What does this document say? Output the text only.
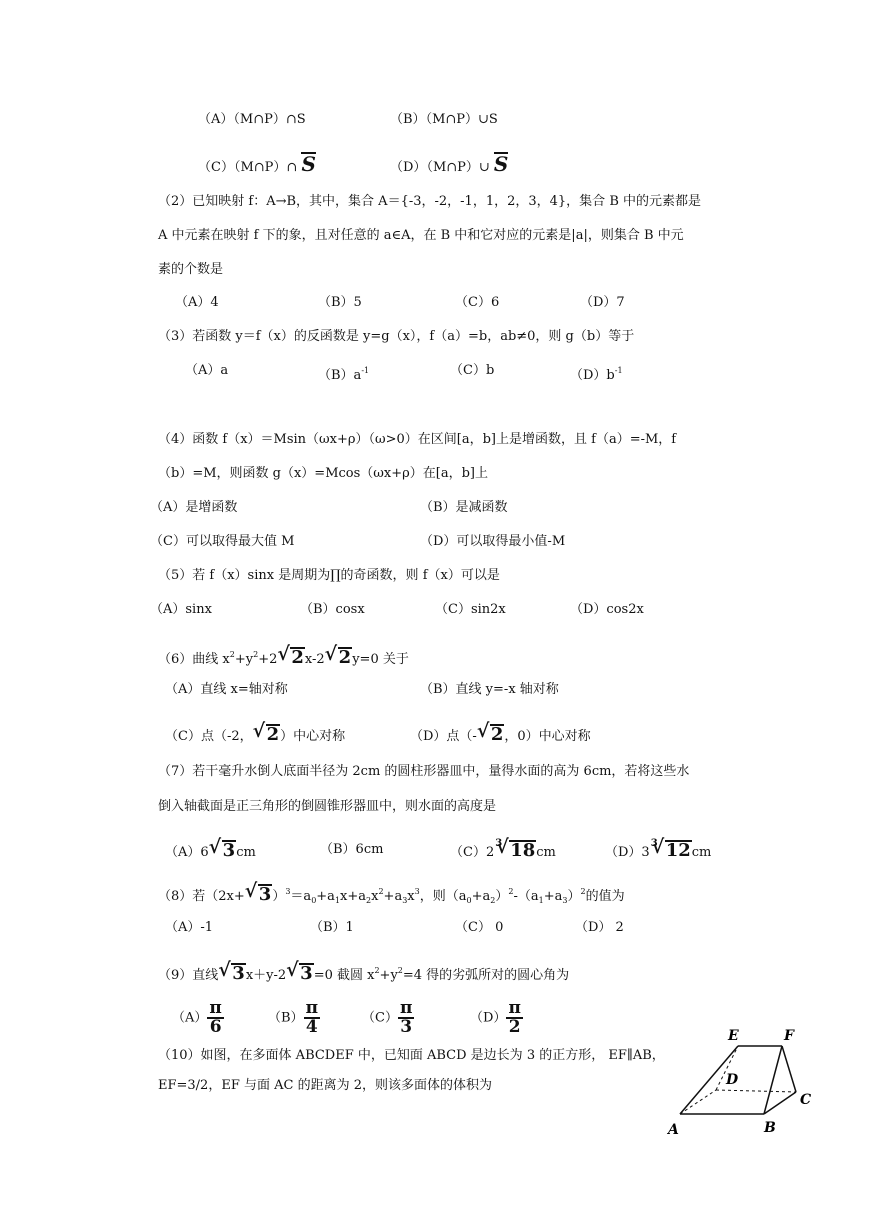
（A）（M∩P）∩S	（B）（M∩P）∪S
（C）（M∩P）∩ S	（D）（M∩P）∪ S
（2）已知映射 f：A→B，其中，集合 A＝{-3，-2，-1，1，2，3，4}，集合 B 中的元素都是
A 中元素在映射 f 下的象，且对任意的 a∈A，在 B 中和它对应的元素是|a|，则集合 B 中元
素的个数是
（A）4	（B）5	（C）6	（D）7
（3）若函数 y＝f（x）的反函数是 y=g（x），f（a）=b，ab≠0，则 g（b）等于
（A）a	$(B)a^{-1}$	（C）b	$(D)b^{-1}$
（4）函数 f（x）＝Msin（ωx+ρ）（ω>0）在区间[a，b]上是增函数，且 f（a）=-M，f
（b）=M，则函数 g（x）=Mcos（ωx+ρ）在[a，b]上
（A）是增函数	（B）是减函数
（C）可以取得最大值 M	（D）可以取得最小值-M
（5）若 f（x）sinx 是周期为∏的奇函数，则 f（x）可以是
（A）sinx	（B）cosx	（C）sin2x	（D）cos2x
（6）曲线 $x^2+y^2+2√$ 2x-2√ 2y=0 关于
（A）直线 x=轴对称	（B）直线 y=-x 轴对称
（C）点（-2，√ 2）中心对称	（D）点（-√ 2，0）中心对称
（7）若干毫升水倒人底面半径为 2cm 的圆柱形器皿中，量得水面的高为 6cm，若将这些水
倒入轴截面是正三角形的倒圆锥形器皿中，则水面的高度是
（A）6√ 3cm	（B）6cm	（C）2
√ 3 18cm	（D）3
√ 3 12cm
（8）若（2x+√ $3)^3=a_0+a_1x+a_2x^2+a_3x^3$，则$(a_0+a_2)^2-(a_1+a_3)^2$的值为
（A）-1	（B）1	（C） 0	（D） 2
（9）直线√ 3x＋y-2√ 3=0 截圆 $x^2+y^2=4$ 得的劣弧所对的圆心角为
$(A) \frac{\pi}{6}$	$(B) \frac{\pi}{4}$	$(C) \frac{\pi}{3}$	$(D) \frac{\pi}{2}$
（10）如图，在多面体 ABCDEF 中，已知面 ABCD 是边长为 3 的正方形， EF∥AB，
EF=3/2，EF 与面 AC 的距离为 2，则该多面体的体积为
E	F
D
C
A	B
